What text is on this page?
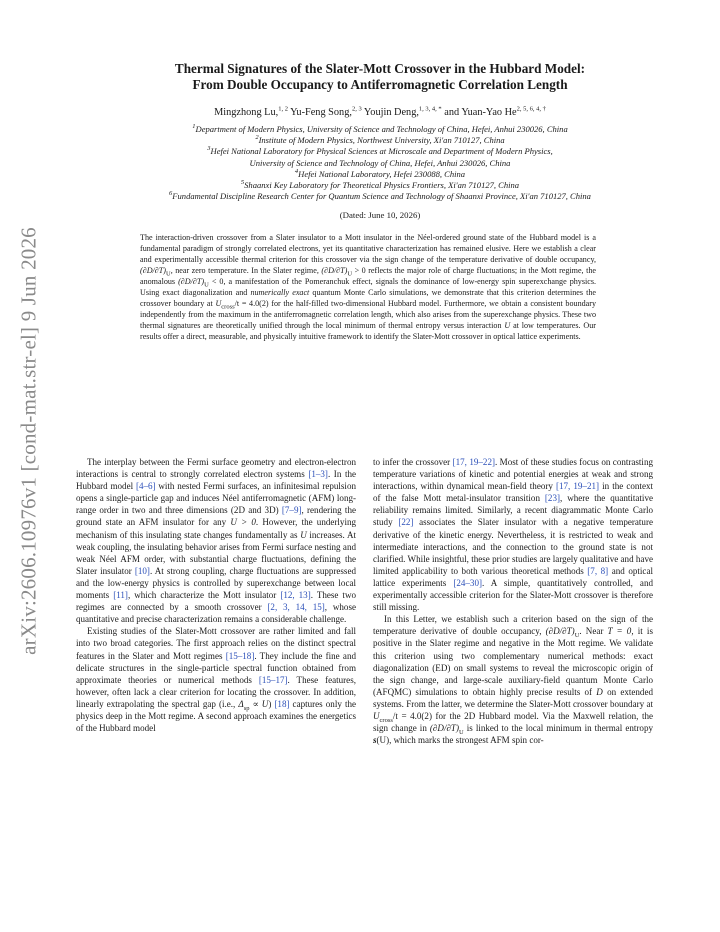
arXiv:2606.10976v1 [cond-mat.str-el] 9 Jun 2026
Thermal Signatures of the Slater-Mott Crossover in the Hubbard Model:
From Double Occupancy to Antiferromagnetic Correlation Length
Mingzhong Lu,$^{1, 2}$ Yu-Feng Song,$^{2, 3}$ Youjin Deng,$^{1, 3, 4, *}$ and Yuan-Yao $He^{2, 5, 6, 4, \dagger}$
$^1$Department of Modern Physics, University of Science and Technology of China, Hefei, Anhui 230026, China
$^2$Institute of Modern Physics, Northwest University, Xi'an 710127, China
$^3$Hefei National Laboratory for Physical Sciences at Microscale and Department of Modern Physics,
University of Science and Technology of China, Hefei, Anhui 230026, China
$^4$Hefei National Laboratory, Hefei 230088, China
$^5$Shaanxi Key Laboratory for Theoretical Physics Frontiers, Xi'an 710127, China
$^6$Fundamental Discipline Research Center for Quantum Science and Technology of Shaanxi Province, Xi'an 710127, China
(Dated: June 10, 2026)
The interaction-driven crossover from a Slater insulator to a Mott insulator in the Néel-ordered ground state of the Hubbard model is a fundamental paradigm of strongly correlated electrons, yet its quantitative characterization has remained elusive. Here we establish a clear and experimentally accessible thermal criterion for this crossover via the sign change of the temperature derivative of double occupancy, $(\partial D/\partial T)_U$, near zero temperature. In the Slater regime, $(\partial D/\partial T)_U > 0$ reflects the major role of charge fluctuations; in the Mott regime, the anomalous $(\partial D/\partial T)_U < 0$, a manifestation of the Pomeranchuk effect, signals the dominance of low-energy spin superexchange physics. Using exact diagonalization and numerically exact quantum Monte Carlo simulations, we demonstrate that this criterion determines the crossover boundary at $U_{cross}/t = 4.0(2)$ for the half-filled two-dimensional Hubbard model. Furthermore, we obtain a consistent boundary independently from the maximum in the antiferromagnetic correlation length, which also arises from the superexchange physics. These two thermal signatures are theoretically unified through the local minimum of thermal entropy versus interaction U at low temperatures. Our results offer a direct, measurable, and physically intuitive framework to identify the Slater-Mott crossover in optical lattice experiments.

The interplay between the Fermi surface geometry and electron-electron interactions is central to strongly correlated electron systems [1–3]. In the Hubbard model [4–6] with nested Fermi surfaces, an infinitesimal repulsion opens a single-particle gap and induces Néel antiferromagnetic (AFM) long-range order in two and three dimensions (2D and 3D) [7–9], rendering the ground state an AFM insulator for any U > 0. However, the underlying mechanism of this insulating state changes fundamentally as U increases. At weak coupling, the insulating behavior arises from Fermi surface nesting and weak Néel AFM order, with substantial charge fluctuations, defining the Slater insulator [10]. At strong coupling, charge fluctuations are suppressed and the low-energy physics is controlled by superexchange between local moments [11], which characterize the Mott insulator [12, 13]. These two regimes are connected by a smooth crossover [2, 3, 14, 15], whose quantitative and precise characterization remains a considerable challenge.

Existing studies of the Slater-Mott crossover are rather limited and fall into two broad categories. The first approach relies on the distinct spectral features in the Slater and Mott regimes [15–18]. They include the fine and delicate structures in the single-particle spectral function obtained from approximate theories or numerical methods [15–17]. These features, however, often lack a clear criterion for locating the crossover. In addition, linearly extrapolating the spectral gap (i.e., $\Delta_{sp} \propto U$) [18] captures only the physics deep in the Mott regime. A second approach examines the energetics of the Hubbard model

to infer the crossover [17, 19–22]. Most of these studies focus on contrasting temperature variations of kinetic and potential energies at weak and strong interactions, within dynamical mean-field theory [17, 19–21] in the context of the false Mott metal-insulator transition [23], where the quantitative reliability remains limited. Similarly, a recent diagrammatic Monte Carlo study [22] associates the Slater insulator with a negative temperature derivative of the kinetic energy. Nevertheless, it is restricted to weak and intermediate interactions, and the connection to the ground state is not clarified. While insightful, these prior studies are largely qualitative and have limited applicability to both various theoretical methods [7, 8] and optical lattice experiments [24–30]. A simple, quantitatively controlled, and experimentally accessible criterion for the Slater-Mott crossover is therefore still missing.

In this Letter, we establish such a criterion based on the sign of the temperature derivative of double occupancy, $(\partial D/\partial T)_U$. Near T = 0, it is positive in the Slater regime and negative in the Mott regime. We validate this criterion using two complementary numerical methods: exact diagonalization (ED) on small systems to reveal the microscopic origin of the sign change, and large-scale auxiliary-field quantum Monte Carlo (AFQMC) simulations to obtain highly precise results of D on extended systems. From the latter, we determine the Slater-Mott crossover boundary at $U_{cross}/t = 4.0(2)$ for the 2D Hubbard model. Via the Maxwell relation, the sign change in $(\partial D/\partial T)_U$ is linked to the local minimum in thermal entropy s(U), which marks the strongest AFM spin cor-
